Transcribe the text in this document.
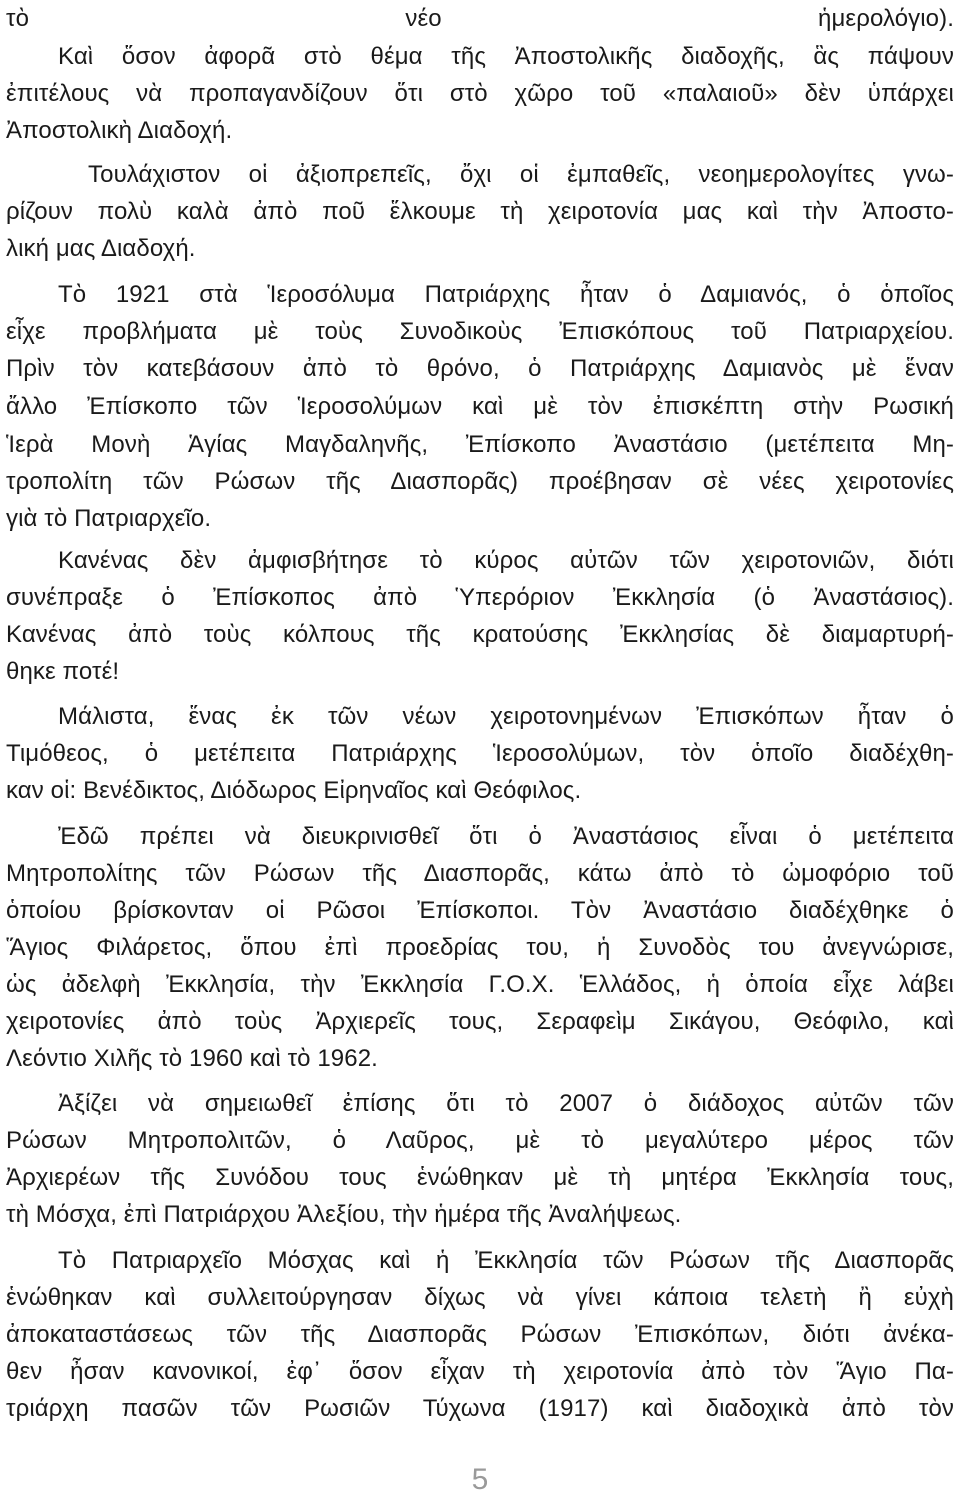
τὸ νέο ἡμερολόγιο).
Καὶ ὅσον ἀφορᾶ στὸ θέμα τῆς Ἀποστολικῆς διαδοχῆς, ἃς πάψουν
ἐπιτέλους νὰ προπαγανδίζουν ὅτι στὸ χῶρο τοῦ «παλαιοῦ» δὲν ὑπάρχει
Ἀποστολικὴ Διαδοχή.
Τουλάχιστον οἱ ἀξιοπρεπεῖς, ὄχι οἱ ἐμπαθεῖς, νεοημερολογίτες γνω-
ρίζουν πολὺ καλὰ ἀπὸ ποῦ ἕλκουμε τὴ χειροτονία μας καὶ τὴν Ἀποστο-
λική μας Διαδοχή.
Τὸ 1921 στὰ Ἱεροσόλυμα Πατριάρχης ἦταν ὁ Δαμιανός, ὁ ὁποῖος
εἶχε προβλήματα μὲ τοὺς Συνοδικοὺς Ἐπισκόπους τοῦ Πατριαρχείου.
Πρὶν τὸν κατεβάσουν ἀπὸ τὸ θρόνο, ὁ Πατριάρχης Δαμιανὸς μὲ ἕναν
ἄλλο Ἐπίσκοπο τῶν Ἱεροσολύμων καὶ μὲ τὸν ἐπισκέπτη στὴν Ρωσική
Ἱερὰ Μονὴ Ἁγίας Μαγδαληνῆς, Ἐπίσκοπο Ἀναστάσιο (μετέπειτα Μη-
τροπολίτη τῶν Ρώσων τῆς Διασπορᾶς) προέβησαν σὲ νέες χειροτονίες
γιὰ τὸ Πατριαρχεῖο.
Κανένας δὲν ἀμφισβήτησε τὸ κύρος αὐτῶν τῶν χειροτονιῶν, διότι
συνέπραξε ὁ Ἐπίσκοπος ἀπὸ Ὑπερόριον Ἐκκλησία (ὁ Ἀναστάσιος).
Κανένας ἀπὸ τοὺς κόλπους τῆς κρατούσης Ἐκκλησίας δὲ διαμαρτυρή-
θηκε ποτέ!
Μάλιστα, ἕνας ἐκ τῶν νέων χειροτονημένων Ἐπισκόπων ἦταν ὁ
Τιμόθεος, ὁ μετέπειτα Πατριάρχης Ἱεροσολύμων, τὸν ὁποῖο διαδέχθη-
καν οἱ: Βενέδικτος, Διόδωρος Εἰρηναῖος καὶ Θεόφιλος.
Ἐδῶ πρέπει νὰ διευκρινισθεῖ ὅτι ὁ Ἀναστάσιος εἶναι ὁ μετέπειτα
Μητροπολίτης τῶν Ρώσων τῆς Διασπορᾶς, κάτω ἀπὸ τὸ ὠμοφόριο τοῦ
ὁποίου βρίσκονταν οἱ Ρῶσοι Ἐπίσκοποι. Τὸν Ἀναστάσιο διαδέχθηκε ὁ
Ἅγιος Φιλάρετος, ὅπου ἐπὶ προεδρίας του, ἡ Συνοδὸς του ἀνεγνώρισε,
ὡς ἀδελφὴ Ἐκκλησία, τὴν Ἐκκλησία Γ.Ο.Χ. Ἑλλάδος, ἡ ὁποία εἶχε λάβει
χειροτονίες ἀπὸ τοὺς Ἀρχιερεῖς τους, Σεραφεὶμ Σικάγου, Θεόφιλο, καὶ
Λεόντιο Χιλῆς τὸ 1960 καὶ τὸ 1962.
Ἀξίζει νὰ σημειωθεῖ ἐπίσης ὅτι τὸ 2007 ὁ διάδοχος αὐτῶν τῶν
Ρώσων Μητροπολιτῶν, ὁ Λαῦρος, μὲ τὸ μεγαλύτερο μέρος τῶν
Ἀρχιερέων τῆς Συνόδου τους ἑνώθηκαν μὲ τὴ μητέρα Ἐκκλησία τους,
τὴ Μόσχα, ἐπὶ Πατριάρχου Ἀλεξίου, τὴν ἡμέρα τῆς Ἀναλήψεως.
Τὸ Πατριαρχεῖο Μόσχας καὶ ἡ Ἐκκλησία τῶν Ρώσων τῆς Διασπορᾶς
ἑνώθηκαν καὶ συλλειτούργησαν δίχως νὰ γίνει κάποια τελετὴ ἢ εὐχὴ
ἀποκαταστάσεως τῶν τῆς Διασπορᾶς Ρώσων Ἐπισκόπων, διότι ἀνέκα-
θεν ἦσαν κανονικοί, ἐφ᾽ ὅσον εἶχαν τὴ χειροτονία ἀπὸ τὸν Ἅγιο Πα-
τριάρχη πασῶν τῶν Ρωσιῶν Τύχωνα (1917) καὶ διαδοχικὰ ἀπὸ τὸν
5
